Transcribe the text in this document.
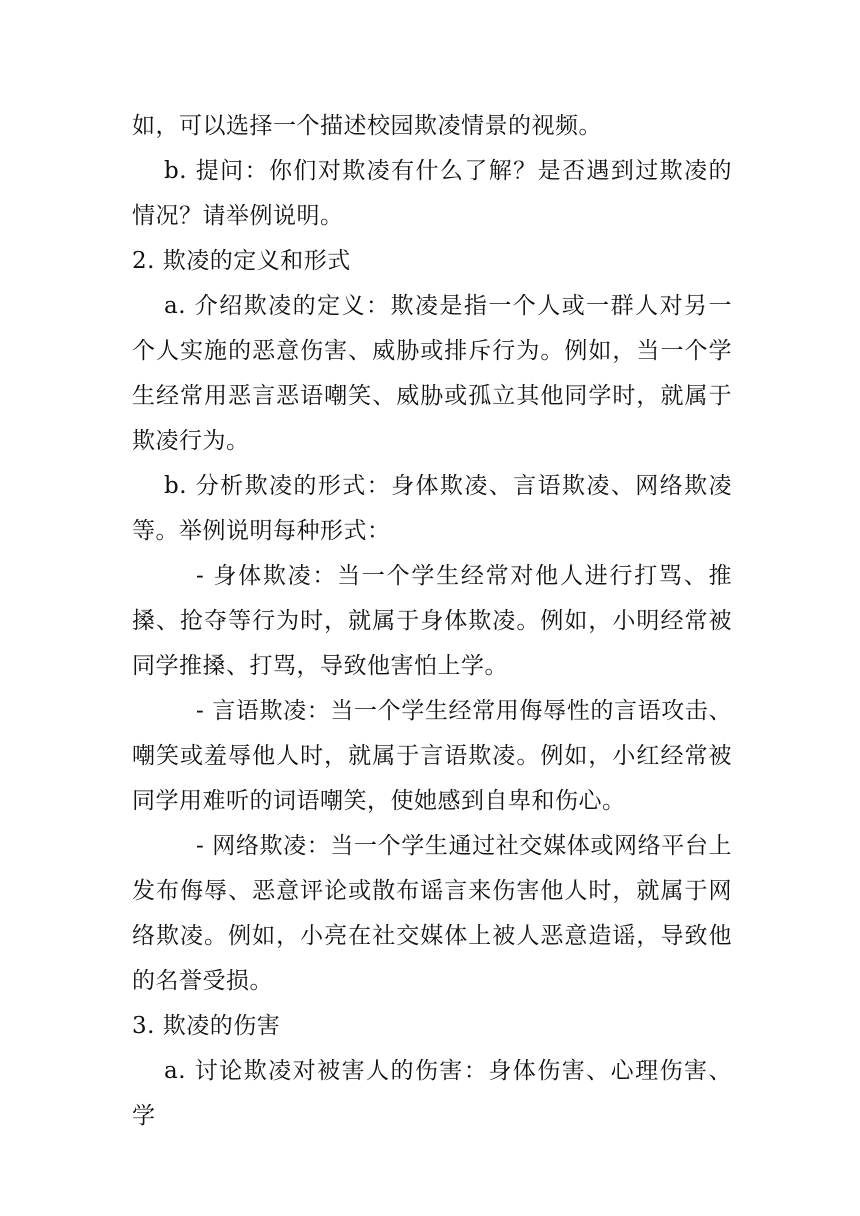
如，可以选择一个描述校园欺凌情景的视频。

b. 提问：你们对欺凌有什么了解？是否遇到过欺凌的情况？请举例说明。

2. 欺凌的定义和形式

a. 介绍欺凌的定义：欺凌是指一个人或一群人对另一个人实施的恶意伤害、威胁或排斥行为。例如，当一个学生经常用恶言恶语嘲笑、威胁或孤立其他同学时，就属于欺凌行为。

b. 分析欺凌的形式：身体欺凌、言语欺凌、网络欺凌等。举例说明每种形式：

- 身体欺凌：当一个学生经常对他人进行打骂、推搡、抢夺等行为时，就属于身体欺凌。例如，小明经常被同学推搡、打骂，导致他害怕上学。

- 言语欺凌：当一个学生经常用侮辱性的言语攻击、嘲笑或羞辱他人时，就属于言语欺凌。例如，小红经常被同学用难听的词语嘲笑，使她感到自卑和伤心。

- 网络欺凌：当一个学生通过社交媒体或网络平台上发布侮辱、恶意评论或散布谣言来伤害他人时，就属于网络欺凌。例如，小亮在社交媒体上被人恶意造谣，导致他的名誉受损。

3. 欺凌的伤害

a. 讨论欺凌对被害人的伤害：身体伤害、心理伤害、学
